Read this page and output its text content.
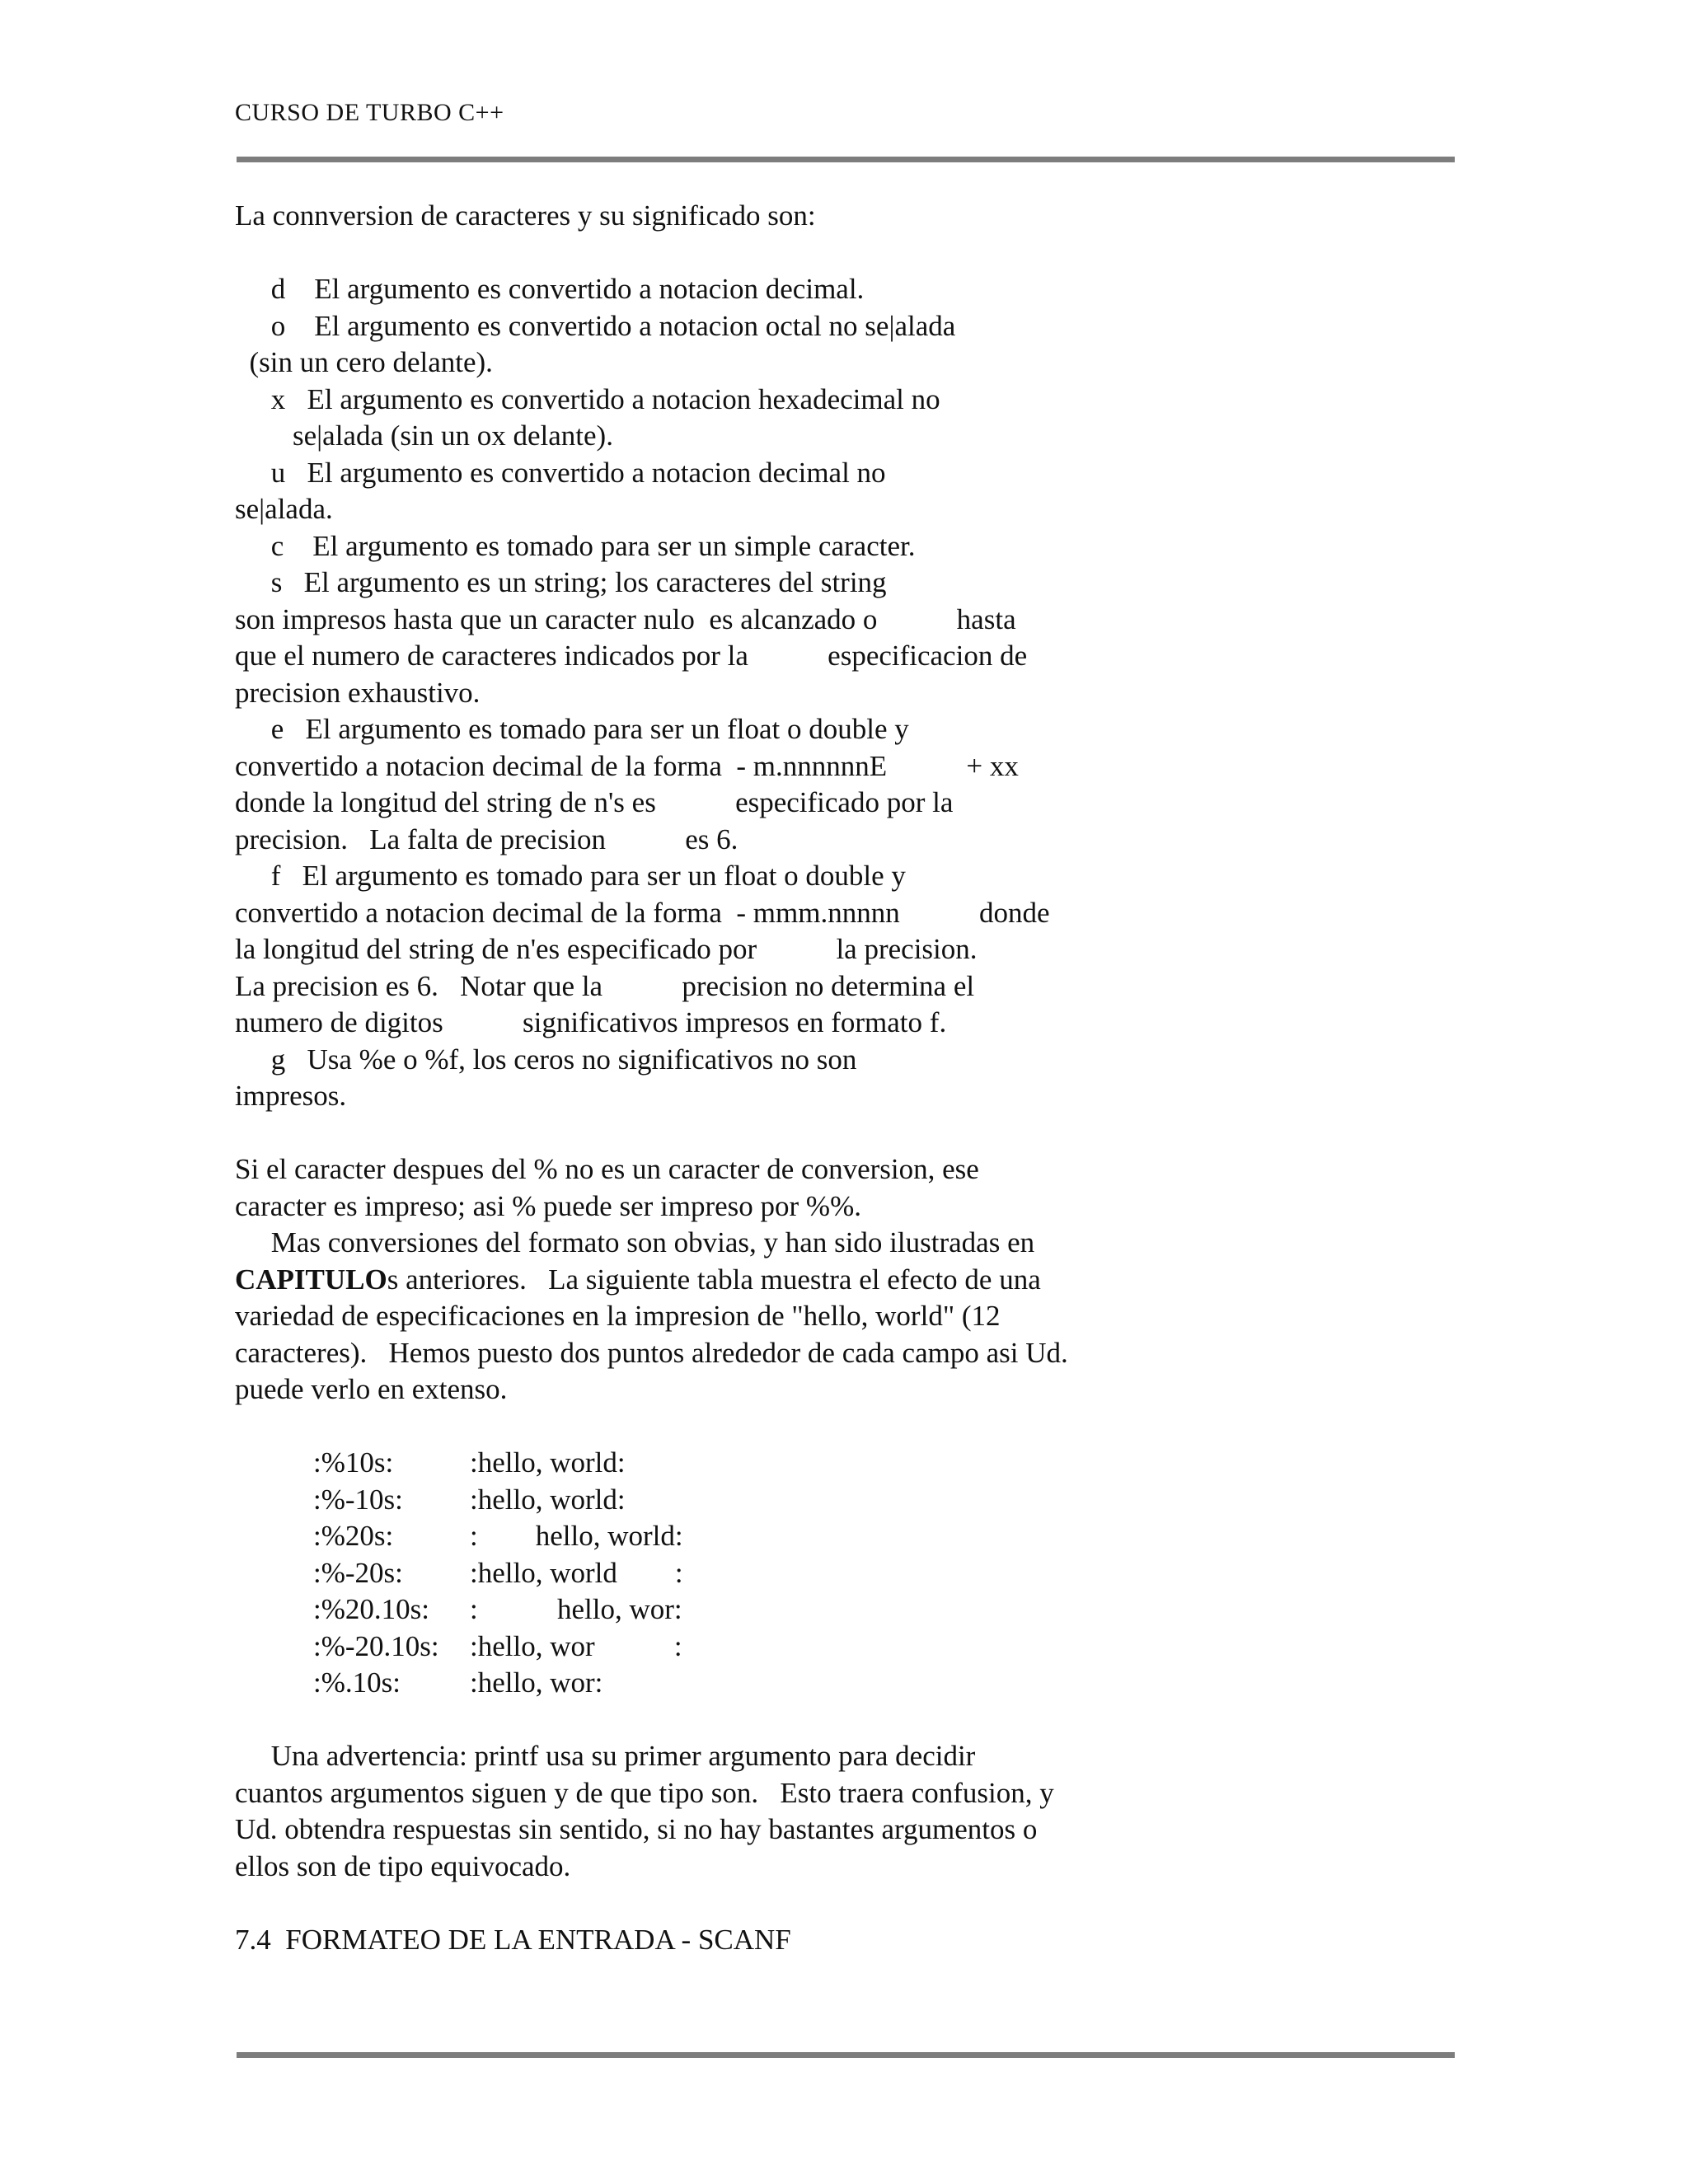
CURSO DE TURBO C++
La connversion de caracteres y su significado son:
d    El argumento es convertido a notacion decimal.
o    El argumento es convertido a notacion octal no se|alada
(sin un cero delante).
x   El argumento es convertido a notacion hexadecimal no
se|alada (sin un ox delante).
u   El argumento es convertido a notacion decimal no
se|alada.
c    El argumento es tomado para ser un simple caracter.
s   El argumento es un string; los caracteres del string
son impresos hasta que un caracter nulo  es alcanzado o           hasta
que el numero de caracteres indicados por la           especificacion de
precision exhaustivo.
e   El argumento es tomado para ser un float o double y
convertido a notacion decimal de la forma  - m.nnnnnnE           + xx
donde la longitud del string de n's es           especificado por la
precision.   La falta de precision           es 6.
f   El argumento es tomado para ser un float o double y
convertido a notacion decimal de la forma  - mmm.nnnnn           donde
la longitud del string de n'es especificado por           la precision.
La precision es 6.   Notar que la           precision no determina el
numero de digitos           significativos impresos en formato f.
g   Usa %e o %f, los ceros no significativos no son
impresos.
Si el caracter despues del % no es un caracter de conversion, ese
caracter es impreso; asi % puede ser impreso por %%.
Mas conversiones del formato son obvias, y han sido ilustradas en
CAPITULOs anteriores.   La siguiente tabla muestra el efecto de una
variedad de especificaciones en la impresion de "hello, world" (12
caracteres).   Hemos puesto dos puntos alrededor de cada campo asi Ud.
puede verlo en extenso.
:%10s:	:hello, world:
:%-10s: :hello, world:
:%20s:	:        hello, world:
:%-20s: :hello, world        :
:%20.10s: :           hello, wor:
:%-20.10s: :hello, wor           :
:%.10s: :hello, wor:
Una advertencia: printf usa su primer argumento para decidir
cuantos argumentos siguen y de que tipo son.   Esto traera confusion, y
Ud. obtendra respuestas sin sentido, si no hay bastantes argumentos o
ellos son de tipo equivocado.
7.4  FORMATEO DE LA ENTRADA - SCANF
